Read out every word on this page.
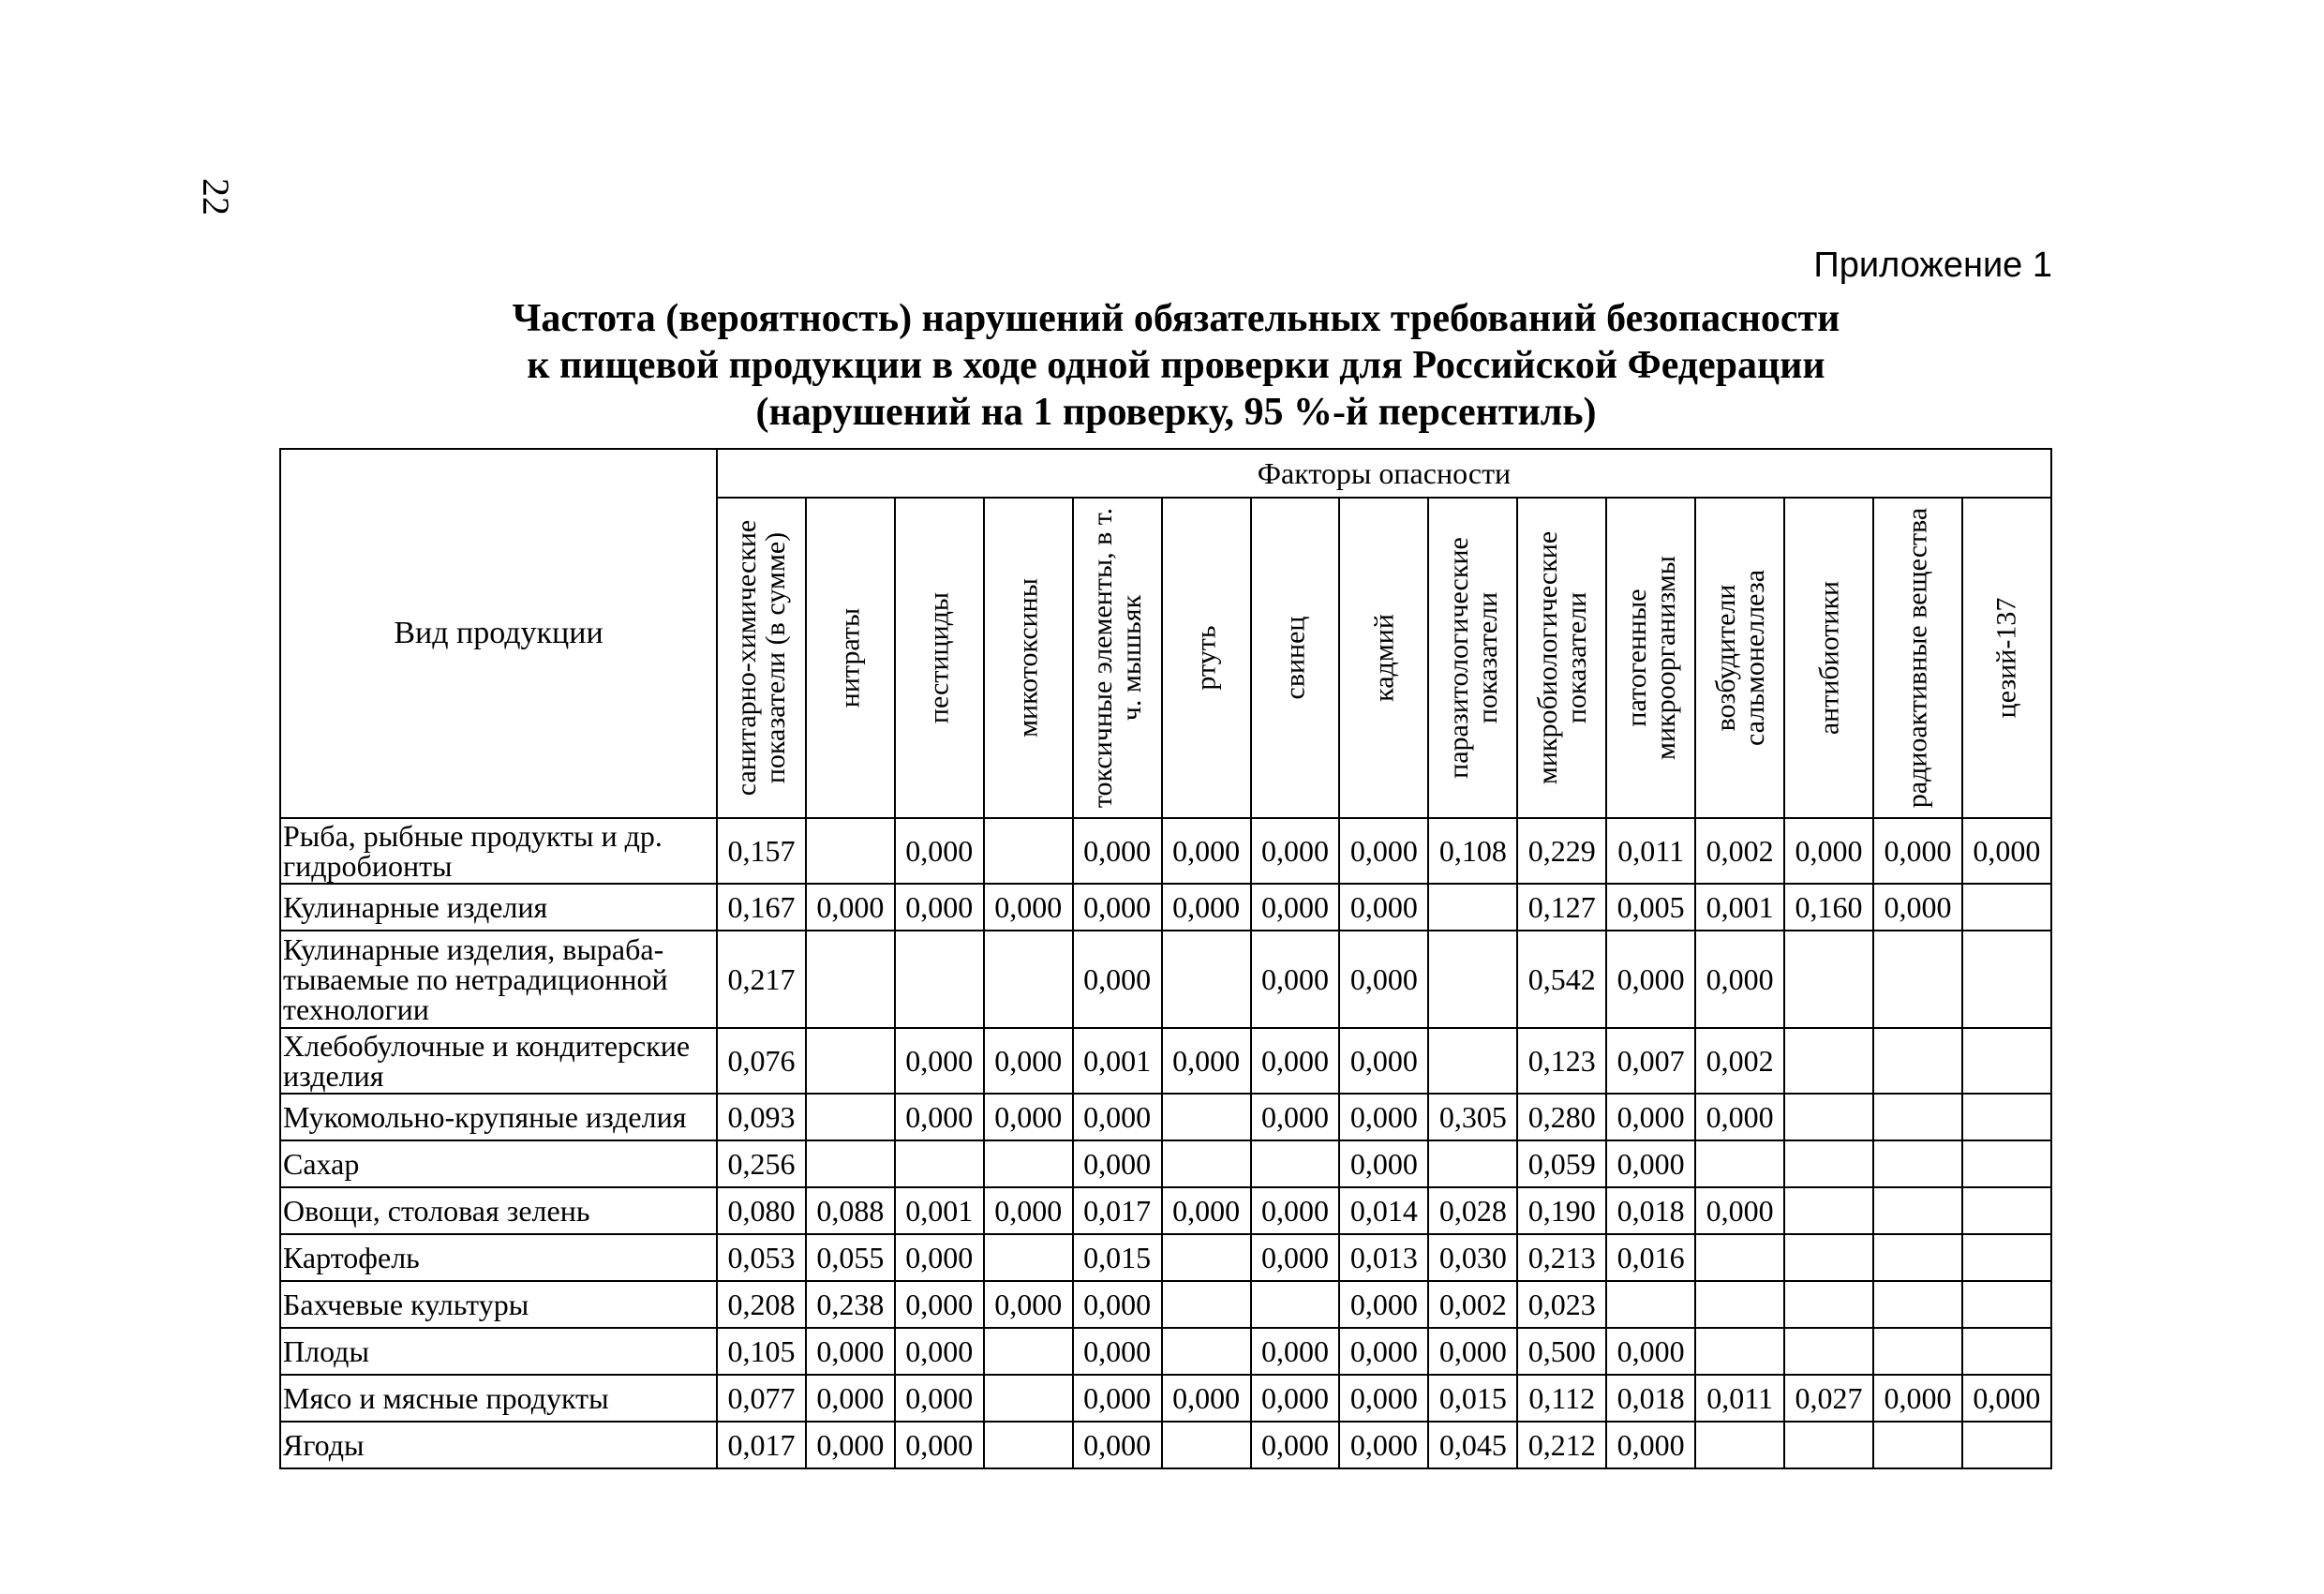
22
Приложение 1
Частота (вероятность) нарушений обязательных требований безопасности
к пищевой продукции в ходе одной проверки для Российской Федерации
(нарушений на 1 проверку, 95 %-й персентиль)
Вид продукции	Факторы опасности														

	санитарно-химические показатели (в сумме)	нитраты	пестициды	микотоксины	токсичные элементы, в т. ч. мышьяк	ртуть	свинец	кадмий	паразитологические показатели	микробиологические показатели	патогенные микроорганизмы	возбудители сальмонеллеза	антибиотики	радиоактивные вещества	цезий-137

Рыба, рыбные продукты и др. гидробионты	0,157		0,000		0,000	0,000	0,000	0,000	0,108	0,229	0,011	0,002	0,000	0,000	0,000
Кулинарные изделия	0,167	0,000	0,000	0,000	0,000	0,000	0,000	0,000		0,127	0,005	0,001	0,160	0,000	
Кулинарные изделия, выраба-тываемые по нетрадиционной технологии	0,217				0,000		0,000	0,000		0,542	0,000	0,000			
Хлебобулочные и кондитерские изделия	0,076		0,000	0,000	0,001	0,000	0,000	0,000		0,123	0,007	0,002			
Мукомольно-крупяные изделия	0,093		0,000	0,000	0,000		0,000	0,000	0,305	0,280	0,000	0,000			
Сахар	0,256				0,000			0,000		0,059	0,000				
Овощи, столовая зелень	0,080	0,088	0,001	0,000	0,017	0,000	0,000	0,014	0,028	0,190	0,018	0,000			
Картофель	0,053	0,055	0,000		0,015		0,000	0,013	0,030	0,213	0,016				
Бахчевые культуры	0,208	0,238	0,000	0,000	0,000			0,000	0,002	0,023					
Плоды	0,105	0,000	0,000		0,000		0,000	0,000	0,000	0,500	0,000				
Мясо и мясные продукты	0,077	0,000	0,000		0,000	0,000	0,000	0,000	0,015	0,112	0,018	0,011	0,027	0,000	0,000
Ягоды	0,017	0,000	0,000		0,000		0,000	0,000	0,045	0,212	0,000				
